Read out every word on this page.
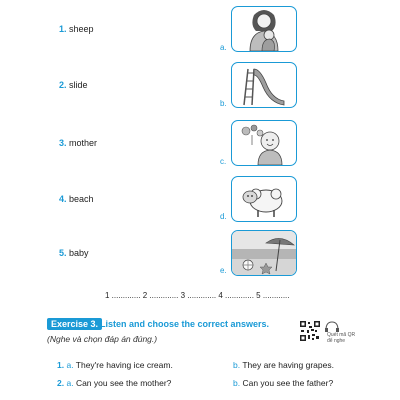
1. sheep
2. slide
3. mother
4. beach
5. baby
a.
b.
c.
d.
e.
1 ............. 2 ............. 3 ............. 4 ............. 5 ............
Exercise 3. Listen and choose the correct answers.
(Nghe và chọn đáp án đúng.)	Quét mã QR
để nghe
1. a. They're having ice cream.	b. They are having grapes.
2. a. Can you see the mother?	b. Can you see the father?
